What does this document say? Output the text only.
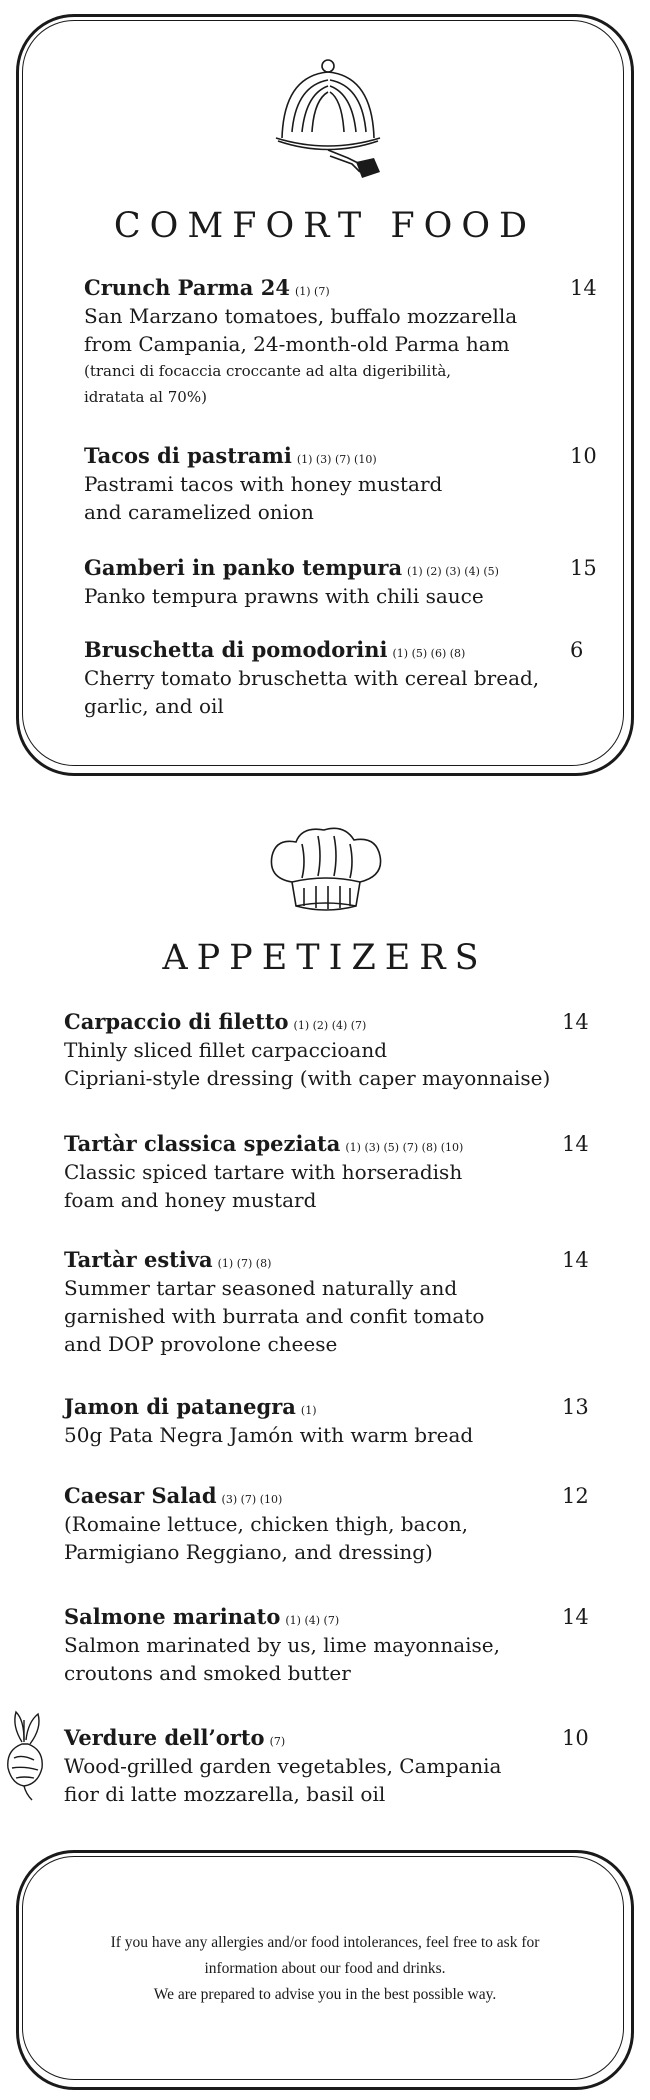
COMFORT FOOD
Crunch Parma 24 (1) (7)	14

San Marzano tomatoes, buffalo mozzarella

from Campania, 24-month-old Parma ham

(tranci di focaccia croccante ad alta digeribilità,

idratata al 70%)

Tacos di pastrami (1) (3) (7) (10)	10

Pastrami tacos with honey mustard

and caramelized onion

Gamberi in panko tempura (1) (2) (3) (4) (5)	15

Panko tempura prawns with chili sauce

Bruschetta di pomodorini (1) (5) (6) (8)	6

Cherry tomato bruschetta with cereal bread,

garlic, and oil

APPETIZERS
Carpaccio di filetto (1) (2) (4) (7)	14

Thinly sliced fillet carpaccioand

Cipriani-style dressing (with caper mayonnaise)

Tartàr classica speziata (1) (3) (5) (7) (8) (10)	14

Classic spiced tartare with horseradish

foam and honey mustard

Tartàr estiva (1) (7) (8)	14

Summer tartar seasoned naturally and

garnished with burrata and confit tomato

and DOP provolone cheese

Jamon di patanegra (1)	13

50g Pata Negra Jamón with warm bread

Caesar Salad (3) (7) (10)	12

(Romaine lettuce, chicken thigh, bacon,

Parmigiano Reggiano, and dressing)

Salmone marinato (1) (4) (7)	14

Salmon marinated by us, lime mayonnaise,

croutons and smoked butter

Verdure dell’orto (7)	10

Wood-grilled garden vegetables, Campania

fior di latte mozzarella, basil oil

If you have any allergies and/or food intolerances, feel free to ask for

information about our food and drinks.

We are prepared to advise you in the best possible way.
